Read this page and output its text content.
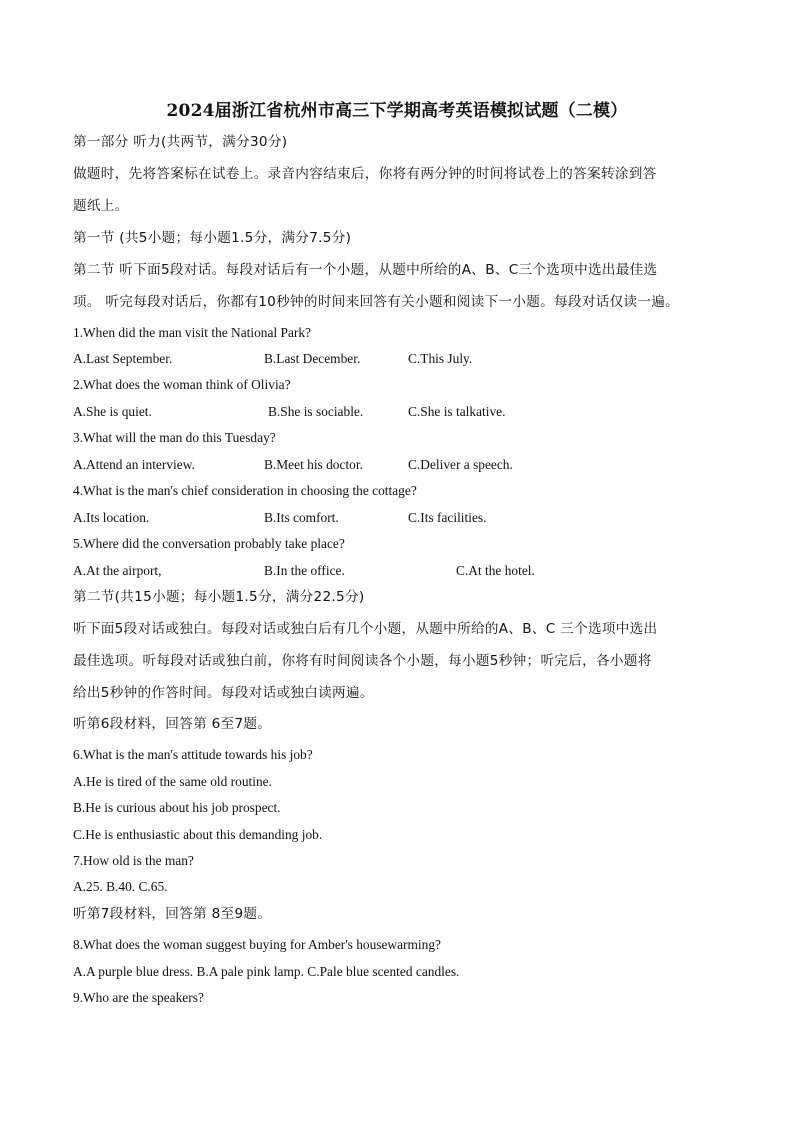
2024届浙江省杭州市高三下学期高考英语模拟试题（二模）
第一部分 听力(共两节，满分30分)
做题时，先将答案标在试卷上。录音内容结束后，你将有两分钟的时间将试卷上的答案转涂到答
题纸上。
第一节 (共5小题；每小题1.5分，满分7.5分)
第二节 听下面5段对话。每段对话后有一个小题，从题中所给的A、B、C三个选项中选出最佳选
项。 听完每段对话后，你都有10秒钟的时间来回答有关小题和阅读下一小题。每段对话仅读一遍。
1.When did the man visit the National Park?
A.Last September.	B.Last December.	C.This July.
2.What does the woman think of Olivia?
A.She is quiet.	B.She is sociable.	C.She is talkative.
3.What will the man do this Tuesday?
A.Attend an interview.	B.Meet his doctor.	C.Deliver a speech.
4.What is the man's chief consideration in choosing the cottage?
A.Its location.	B.Its comfort.	C.Its facilities.
5.Where did the conversation probably take place?
A.At the airport,	B.In the office.	C.At the hotel.
第二节(共15小题；每小题1.5分，满分22.5分)
听下面5段对话或独白。每段对话或独白后有几个小题，从题中所给的A、B、C 三个选项中选出
最佳选项。听每段对话或独白前，你将有时间阅读各个小题，每小题5秒钟；听完后，各小题将
给出5秒钟的作答时间。每段对话或独白读两遍。
听第6段材料，回答第 6至7题。
6.What is the man's attitude towards his job?
A.He is tired of the same old routine.
B.He is curious about his job prospect.
C.He is enthusiastic about this demanding job.
7.How old is the man?
A.25. B.40. C.65.
听第7段材料，回答第 8至9题。
8.What does the woman suggest buying for Amber's housewarming?
A.A purple blue dress. B.A pale pink lamp. C.Pale blue scented candles.
9.Who are the speakers?
